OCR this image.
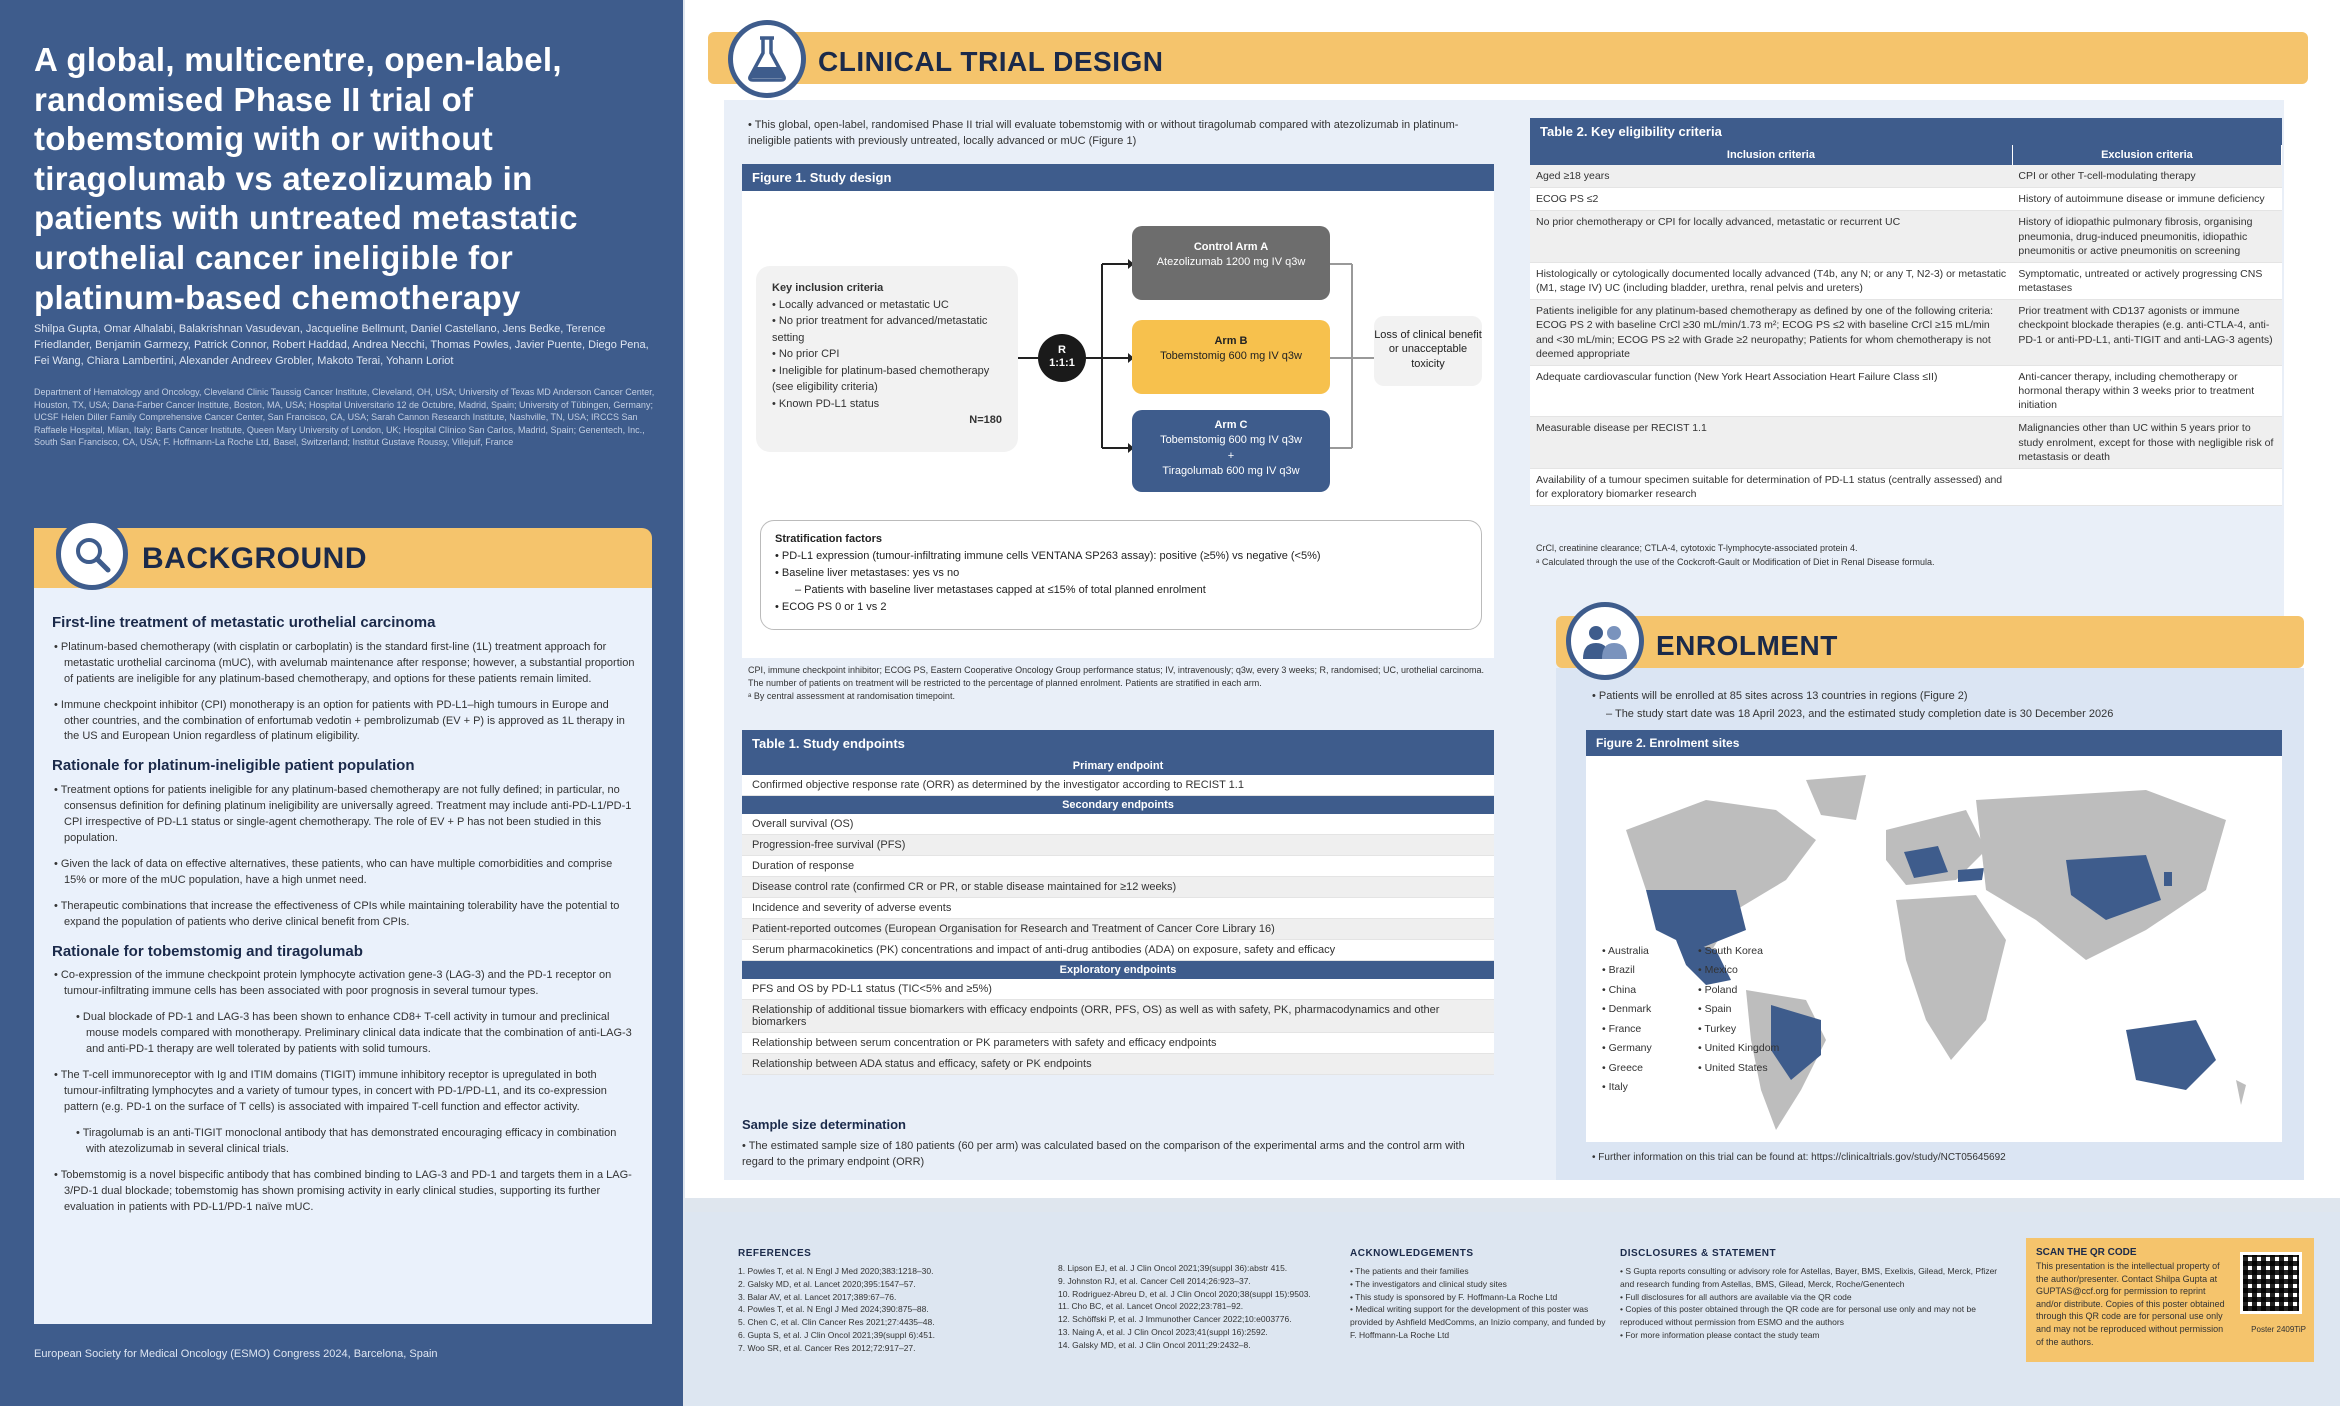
A global, multicentre, open-label, randomised Phase II trial of tobemstomig with or without tiragolumab vs atezolizumab in patients with untreated metastatic urothelial cancer ineligible for platinum-based chemotherapy
Shilpa Gupta, Omar Alhalabi, Balakrishnan Vasudevan, Jacqueline Bellmunt, Daniel Castellano, Jens Bedke, Terence Friedlander, Benjamin Garmezy, Patrick Connor, Robert Haddad, Andrea Necchi, Thomas Powles, Javier Puente, Diego Pena, Fei Wang, Chiara Lambertini, Alexander Andreev Grobler, Makoto Terai, Yohann Loriot
Department of Hematology and Oncology, Cleveland Clinic Taussig Cancer Institute, Cleveland, OH, USA; University of Texas MD Anderson Cancer Center, Houston, TX, USA; Dana-Farber Cancer Institute, Boston, MA, USA; Hospital Universitario 12 de Octubre, Madrid, Spain; University of Tübingen, Germany; UCSF Helen Diller Family Comprehensive Cancer Center, San Francisco, CA, USA; Sarah Cannon Research Institute, Nashville, TN, USA; IRCCS San Raffaele Hospital, Milan, Italy; Barts Cancer Institute, Queen Mary University of London, UK; Hospital Clínico San Carlos, Madrid, Spain; Genentech, Inc., South San Francisco, CA, USA; F. Hoffmann-La Roche Ltd, Basel, Switzerland; Institut Gustave Roussy, Villejuif, France
BACKGROUND
First-line treatment of metastatic urothelial carcinoma

• Platinum-based chemotherapy (with cisplatin or carboplatin) is the standard first-line (1L) treatment approach for metastatic urothelial carcinoma (mUC), with avelumab maintenance after response; however, a substantial proportion of patients are ineligible for any platinum-based chemotherapy, and options for these patients remain limited.

• Immune checkpoint inhibitor (CPI) monotherapy is an option for patients with PD-L1–high tumours in Europe and other countries, and the combination of enfortumab vedotin + pembrolizumab (EV + P) is approved as 1L therapy in the US and European Union regardless of platinum eligibility.

Rationale for platinum-ineligible patient population

• Treatment options for patients ineligible for any platinum-based chemotherapy are not fully defined; in particular, no consensus definition for defining platinum ineligibility are universally agreed. Treatment may include anti-PD-L1/PD-1 CPI irrespective of PD-L1 status or single-agent chemotherapy. The role of EV + P has not been studied in this population.

• Given the lack of data on effective alternatives, these patients, who can have multiple comorbidities and comprise 15% or more of the mUC population, have a high unmet need.

• Therapeutic combinations that increase the effectiveness of CPIs while maintaining tolerability have the potential to expand the population of patients who derive clinical benefit from CPIs.

Rationale for tobemstomig and tiragolumab

• Co-expression of the immune checkpoint protein lymphocyte activation gene-3 (LAG-3) and the PD-1 receptor on tumour-infiltrating immune cells has been associated with poor prognosis in several tumour types.

• Dual blockade of PD-1 and LAG-3 has been shown to enhance CD8+ T-cell activity in tumour and preclinical mouse models compared with monotherapy. Preliminary clinical data indicate that the combination of anti-LAG-3 and anti-PD-1 therapy are well tolerated by patients with solid tumours.

• The T-cell immunoreceptor with Ig and ITIM domains (TIGIT) immune inhibitory receptor is upregulated in both tumour-infiltrating lymphocytes and a variety of tumour types, in concert with PD-1/PD-L1, and its co-expression pattern (e.g. PD-1 on the surface of T cells) is associated with impaired T-cell function and effector activity.

• Tiragolumab is an anti-TIGIT monoclonal antibody that has demonstrated encouraging efficacy in combination with atezolizumab in several clinical trials.

• Tobemstomig is a novel bispecific antibody that has combined binding to LAG-3 and PD-1 and targets them in a LAG-3/PD-1 dual blockade; tobemstomig has shown promising activity in early clinical studies, supporting its further evaluation in patients with PD-L1/PD-1 naïve mUC.

European Society for Medical Oncology (ESMO) Congress 2024, Barcelona, Spain
CLINICAL TRIAL DESIGN
• This global, open-label, randomised Phase II trial will evaluate tobemstomig with or without tiragolumab compared with atezolizumab in platinum-ineligible patients with previously untreated, locally advanced or mUC (Figure 1)
Figure 1. Study design
Key inclusion criteria
• Locally advanced or metastatic UC
• No prior treatment for advanced/metastatic setting
• No prior CPI
• Ineligible for platinum-based chemotherapy (see eligibility criteria)
• Known PD-L1 status
N=180
R
1:1:1
Control Arm A
Atezolizumab 1200 mg IV q3w
Arm B
Tobemstomig 600 mg IV q3w
Arm C
Tobemstomig 600 mg IV q3w
+
Tiragolumab 600 mg IV q3w
Loss of clinical benefit or unacceptable toxicity
Stratification factors
• PD-L1 expression (tumour-infiltrating immune cells VENTANA SP263 assay): positive (≥5%) vs negative (<5%)
• Baseline liver metastases: yes vs no
– Patients with baseline liver metastases capped at ≤15% of total planned enrolment
• ECOG PS 0 or 1 vs 2
CPI, immune checkpoint inhibitor; ECOG PS, Eastern Cooperative Oncology Group performance status; IV, intravenously; q3w, every 3 weeks; R, randomised; UC, urothelial carcinoma. The number of patients on treatment will be restricted to the percentage of planned enrolment. Patients are stratified in each arm.
ᵃ By central assessment at randomisation timepoint.
Table 1. Study endpoints
Primary endpoint
Confirmed objective response rate (ORR) as determined by the investigator according to RECIST 1.1
Secondary endpoints
Overall survival (OS)
Progression-free survival (PFS)
Duration of response
Disease control rate (confirmed CR or PR, or stable disease maintained for ≥12 weeks)
Incidence and severity of adverse events
Patient-reported outcomes (European Organisation for Research and Treatment of Cancer Core Library 16)
Serum pharmacokinetics (PK) concentrations and impact of anti-drug antibodies (ADA) on exposure, safety and efficacy
Exploratory endpoints
PFS and OS by PD-L1 status (TIC<5% and ≥5%)
Relationship of additional tissue biomarkers with efficacy endpoints (ORR, PFS, OS) as well as with safety, PK, pharmacodynamics and other biomarkers
Relationship between serum concentration or PK parameters with safety and efficacy endpoints
Relationship between ADA status and efficacy, safety or PK endpoints
Sample size determination
• The estimated sample size of 180 patients (60 per arm) was calculated based on the comparison of the experimental arms and the control arm with regard to the primary endpoint (ORR)
Table 2. Key eligibility criteria
Inclusion criteria	Exclusion criteria
Aged ≥18 years	CPI or other T-cell-modulating therapy
ECOG PS ≤2	History of autoimmune disease or immune deficiency
No prior chemotherapy or CPI for locally advanced, metastatic or recurrent UC	History of idiopathic pulmonary fibrosis, organising pneumonia, drug-induced pneumonitis, idiopathic pneumonitis or active pneumonitis on screening
Histologically or cytologically documented locally advanced (T4b, any N; or any T, N2-3) or metastatic (M1, stage IV) UC (including bladder, urethra, renal pelvis and ureters)	Symptomatic, untreated or actively progressing CNS metastases
Patients ineligible for any platinum-based chemotherapy as defined by one of the following criteria: ECOG PS 2 with baseline CrCl ≥30 mL/min/1.73 m²; ECOG PS ≤2 with baseline CrCl ≥15 mL/min and <30 mL/min; ECOG PS ≥2 with Grade ≥2 neuropathy; Patients for whom chemotherapy is not deemed appropriate	Prior treatment with CD137 agonists or immune checkpoint blockade therapies (e.g. anti-CTLA-4, anti-PD-1 or anti-PD-L1, anti-TIGIT and anti-LAG-3 agents)
Adequate cardiovascular function (New York Heart Association Heart Failure Class ≤II)	Anti-cancer therapy, including chemotherapy or hormonal therapy within 3 weeks prior to treatment initiation
Measurable disease per RECIST 1.1	Malignancies other than UC within 5 years prior to study enrolment, except for those with negligible risk of metastasis or death
Availability of a tumour specimen suitable for determination of PD-L1 status (centrally assessed) and for exploratory biomarker research	
CrCl, creatinine clearance; CTLA-4, cytotoxic T-lymphocyte-associated protein 4.
ᵃ Calculated through the use of the Cockcroft-Gault or Modification of Diet in Renal Disease formula.
ENROLMENT
• Patients will be enrolled at 85 sites across 13 countries in regions (Figure 2)
– The study start date was 18 April 2023, and the estimated study completion date is 30 December 2026
Figure 2. Enrolment sites
• Australia
• Brazil
• China
• Denmark
• France
• Germany
• Greece
• Italy
• South Korea
• Mexico
• Poland
• Spain
• Turkey
• United Kingdom
• United States
• Further information on this trial can be found at: https://clinicaltrials.gov/study/NCT05645692
REFERENCES
1. Powles T, et al. N Engl J Med 2020;383:1218–30.
2. Galsky MD, et al. Lancet 2020;395:1547–57.
3. Balar AV, et al. Lancet 2017;389:67–76.
4. Powles T, et al. N Engl J Med 2024;390:875–88.
5. Chen C, et al. Clin Cancer Res 2021;27:4435–48.
6. Gupta S, et al. J Clin Oncol 2021;39(suppl 6):451.
7. Woo SR, et al. Cancer Res 2012;72:917–27.
8. Lipson EJ, et al. J Clin Oncol 2021;39(suppl 36):abstr 415.
9. Johnston RJ, et al. Cancer Cell 2014;26:923–37.
10. Rodriguez-Abreu D, et al. J Clin Oncol 2020;38(suppl 15):9503.
11. Cho BC, et al. Lancet Oncol 2022;23:781–92.
12. Schöffski P, et al. J Immunother Cancer 2022;10:e003776.
13. Naing A, et al. J Clin Oncol 2023;41(suppl 16):2592.
14. Galsky MD, et al. J Clin Oncol 2011;29:2432–8.
ACKNOWLEDGEMENTS
• The patients and their families
• The investigators and clinical study sites
• This study is sponsored by F. Hoffmann-La Roche Ltd
• Medical writing support for the development of this poster was provided by Ashfield MedComms, an Inizio company, and funded by F. Hoffmann-La Roche Ltd
DISCLOSURES & STATEMENT
• S Gupta reports consulting or advisory role for Astellas, Bayer, BMS, Exelixis, Gilead, Merck, Pfizer and research funding from Astellas, BMS, Gilead, Merck, Roche/Genentech
• Full disclosures for all authors are available via the QR code
• Copies of this poster obtained through the QR code are for personal use only and may not be reproduced without permission from ESMO and the authors
• For more information please contact the study team
SCAN THE QR CODE
This presentation is the intellectual property of the author/presenter. Contact Shilpa Gupta at GUPTAS@ccf.org for permission to reprint and/or distribute. Copies of this poster obtained through this QR code are for personal use only and may not be reproduced without permission of the authors.
Poster 2409TiP
